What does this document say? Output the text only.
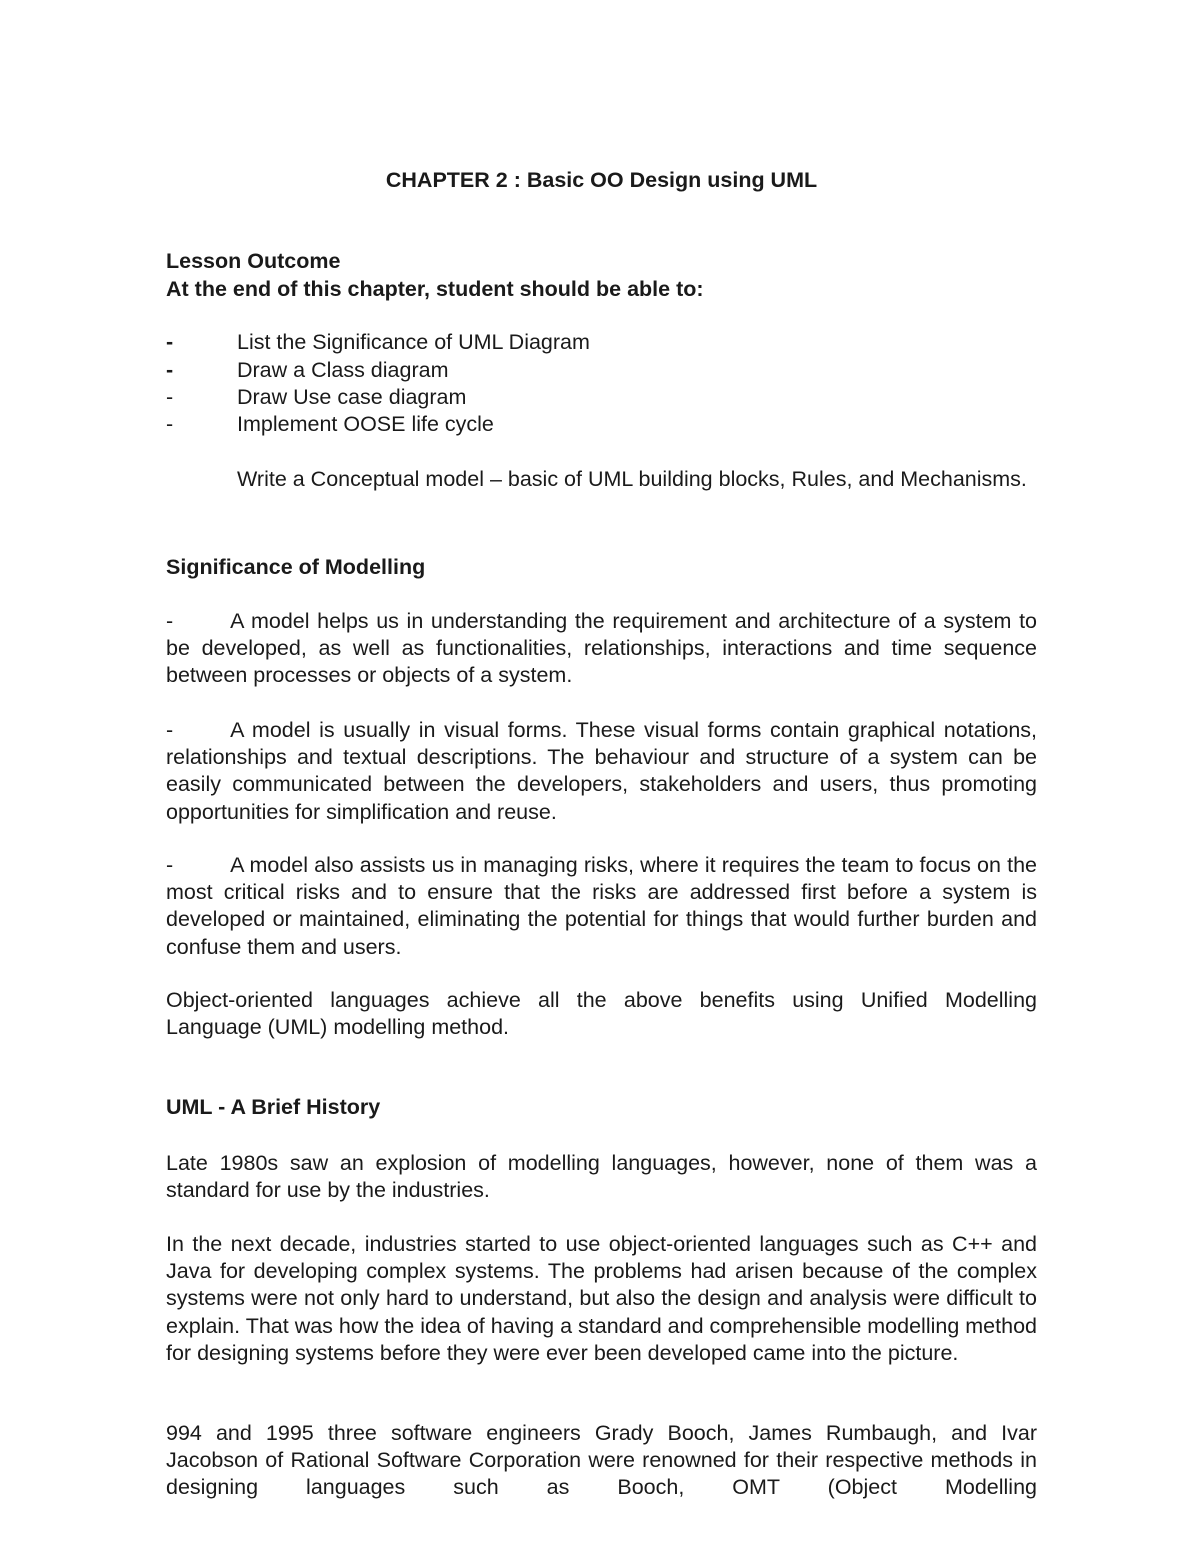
CHAPTER 2 : Basic OO Design using UML
Lesson Outcome
At the end of this chapter, student should be able to:
-	List the Significance of UML Diagram
-	Draw a Class diagram
-	Draw Use case diagram
-	Implement OOSE life cycle
Write a Conceptual model – basic of UML building blocks, Rules, and Mechanisms.
Significance of Modelling
-	A model helps us in understanding the requirement and architecture of a system to be developed, as well as functionalities, relationships, interactions and time sequence between processes or objects of a system.
-	A model is usually in visual forms. These visual forms contain graphical notations, relationships and textual descriptions. The behaviour and structure of a system can be easily communicated between the developers, stakeholders and users, thus promoting opportunities for simplification and reuse.
-	A model also assists us in managing risks, where it requires the team to focus on the most critical risks and to ensure that the risks are addressed first before a system is developed or maintained, eliminating the potential for things that would further burden and confuse them and users.
Object-oriented languages achieve all the above benefits using Unified Modelling Language (UML) modelling method.
UML - A Brief History
Late 1980s saw an explosion of modelling languages, however, none of them was a standard for use by the industries.
In the next decade, industries started to use object-oriented languages such as C++ and Java for developing complex systems. The problems had arisen because of the complex systems were not only hard to understand, but also the design and analysis were difficult to explain. That was how the idea of having a standard and comprehensible modelling method for designing systems before they were ever been developed came into the picture.
994 and 1995 three software engineers Grady Booch, James Rumbaugh, and Ivar Jacobson of Rational Software Corporation were renowned for their respective methods in designing languages such as Booch, OMT (Object Modelling
